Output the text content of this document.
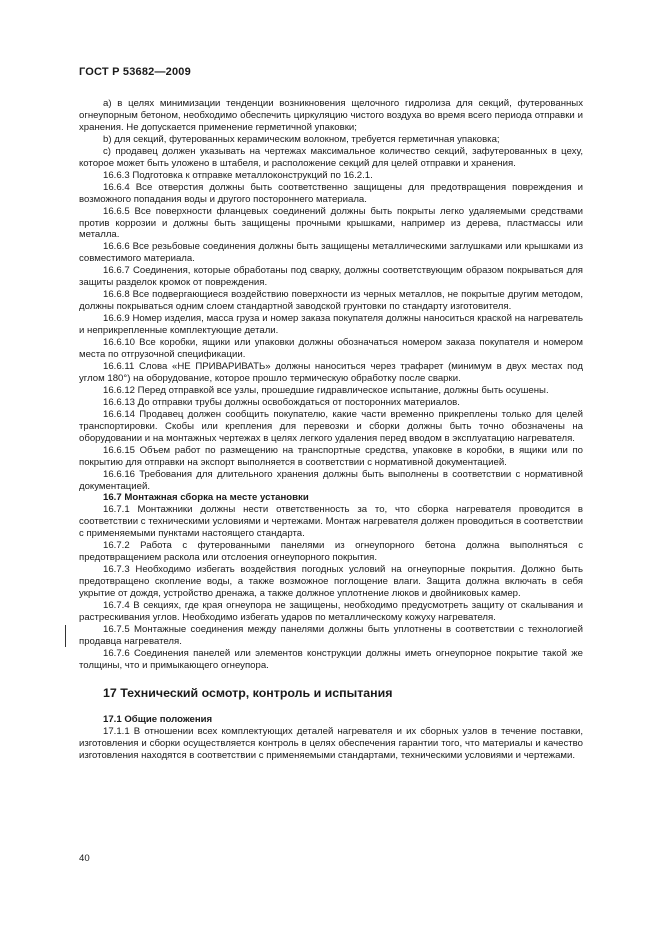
ГОСТ Р 53682—2009

а) в целях минимизации тенденции возникновения щелочного гидролиза для секций, футерованных огнеупорным бетоном, необходимо обеспечить циркуляцию чистого воздуха во время всего периода отправки и хранения. Не допускается применение герметичной упаковки;

b) для секций, футерованных керамическим волокном, требуется герметичная упаковка;

с) продавец должен указывать на чертежах максимальное количество секций, зафутерованных в цеху, которое может быть уложено в штабеля, и расположение секций для целей отправки и хранения.

16.6.3 Подготовка к отправке металлоконструкций по 16.2.1.

16.6.4 Все отверстия должны быть соответственно защищены для предотвращения повреждения и возможного попадания воды и другого постороннего материала.

16.6.5 Все поверхности фланцевых соединений должны быть покрыты легко удаляемыми средствами против коррозии и должны быть защищены прочными крышками, например из дерева, пластмассы или металла.

16.6.6 Все резьбовые соединения должны быть защищены металлическими заглушками или крышками из совместимого материала.

16.6.7 Соединения, которые обработаны под сварку, должны соответствующим образом покрываться для защиты разделок кромок от повреждения.

16.6.8 Все подвергающиеся воздействию поверхности из черных металлов, не покрытые другим методом, должны покрываться одним слоем стандартной заводской грунтовки по стандарту изготовителя.

16.6.9 Номер изделия, масса груза и номер заказа покупателя должны наноситься краской на нагреватель и неприкрепленные комплектующие детали.

16.6.10 Все коробки, ящики или упаковки должны обозначаться номером заказа покупателя и номером места по отгрузочной спецификации.

16.6.11 Слова «НЕ ПРИВАРИВАТЬ» должны наноситься через трафарет (минимум в двух местах под углом 180°) на оборудование, которое прошло термическую обработку после сварки.

16.6.12 Перед отправкой все узлы, прошедшие гидравлическое испытание, должны быть осушены.

16.6.13 До отправки трубы должны освобождаться от посторонних материалов.

16.6.14 Продавец должен сообщить покупателю, какие части временно прикреплены только для целей транспортировки. Скобы или крепления для перевозки и сборки должны быть точно обозначены на оборудовании и на монтажных чертежах в целях легкого удаления перед вводом в эксплуатацию нагревателя.

16.6.15 Объем работ по размещению на транспортные средства, упаковке в коробки, в ящики или по покрытию для отправки на экспорт выполняется в соответствии с нормативной документацией.

16.6.16 Требования для длительного хранения должны быть выполнены в соответствии с нормативной документацией.

16.7 Монтажная сборка на месте установки

16.7.1 Монтажники должны нести ответственность за то, что сборка нагревателя проводится в соответствии с техническими условиями и чертежами. Монтаж нагревателя должен проводиться в соответствии с применяемыми пунктами настоящего стандарта.

16.7.2 Работа с футерованными панелями из огнеупорного бетона должна выполняться с предотвращением раскола или отслоения огнеупорного покрытия.

16.7.3 Необходимо избегать воздействия погодных условий на огнеупорные покрытия. Должно быть предотвращено скопление воды, а также возможное поглощение влаги. Защита должна включать в себя укрытие от дождя, устройство дренажа, а также должное уплотнение люков и двойниковых камер.

16.7.4 В секциях, где края огнеупора не защищены, необходимо предусмотреть защиту от скалывания и растрескивания углов. Необходимо избегать ударов по металлическому кожуху нагревателя.

16.7.5 Монтажные соединения между панелями должны быть уплотнены в соответствии с технологией продавца нагревателя.

16.7.6 Соединения панелей или элементов конструкции должны иметь огнеупорное покрытие такой же толщины, что и примыкающего огнеупора.

17 Технический осмотр, контроль и испытания

17.1 Общие положения

17.1.1 В отношении всех комплектующих деталей нагревателя и их сборных узлов в течение поставки, изготовления и сборки осуществляется контроль в целях обеспечения гарантии того, что материалы и качество изготовления находятся в соответствии с применяемыми стандартами, техническими условиями и чертежами.

40
